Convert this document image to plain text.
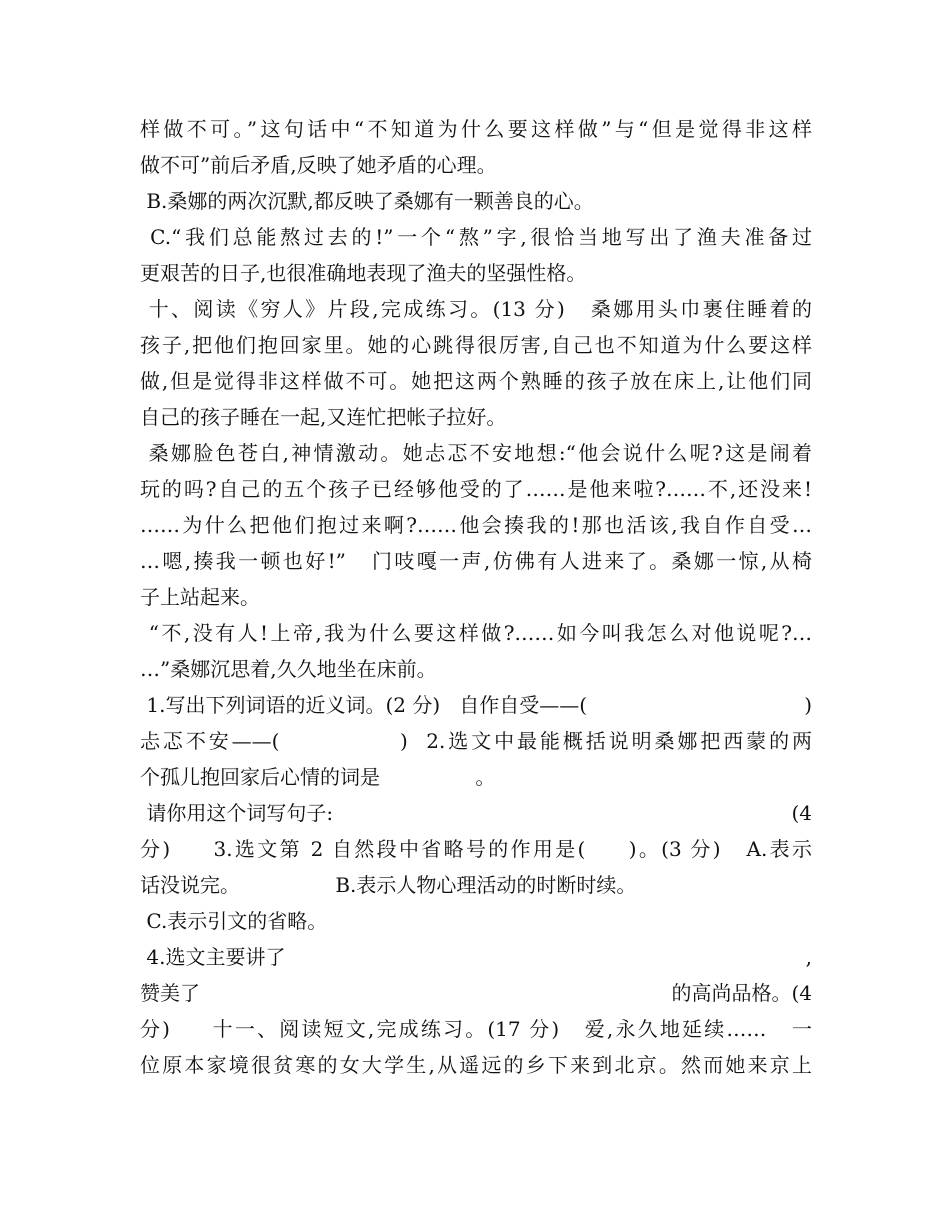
样做不可。”这句话中“不知道为什么要这样做”与“但是觉得非这样
做不可”前后矛盾,反映了她矛盾的心理。
B.桑娜的两次沉默,都反映了桑娜有一颗善良的心。
C.“我们总能熬过去的!”一个“熬”字,很恰当地写出了渔夫准备过
更艰苦的日子,也很准确地表现了渔夫的坚强性格。
十、阅读《穷人》片段,完成练习。(13 分)   桑娜用头巾裹住睡着的
孩子,把他们抱回家里。她的心跳得很厉害,自己也不知道为什么要这样
做,但是觉得非这样做不可。她把这两个熟睡的孩子放在床上,让他们同
自己的孩子睡在一起,又连忙把帐子拉好。
桑娜脸色苍白,神情激动。她忐忑不安地想:“他会说什么呢?这是闹着
玩的吗?自己的五个孩子已经够他受的了……是他来啦?……不,还没来!
……为什么把他们抱过来啊?……他会揍我的!那也活该,我自作自受…
…嗯,揍我一顿也好!”   门吱嘎一声,仿佛有人进来了。桑娜一惊,从椅
子上站起来。
“不,没有人!上帝,我为什么要这样做?……如今叫我怎么对他说呢?…
…”桑娜沉思着,久久地坐在床前。
1.写出下列词语的近义词。(2 分)   自作自受——(	)
忐忑不安——(             )  2.选文中最能概括说明桑娜把西蒙的两
个孤儿抱回家后心情的词是               。
请你用这个词写句子:	(4
分)     3.选文第 2 自然段中省略号的作用是(     )。(3 分)   A.表示
话没说完。               B.表示人物心理活动的时断时续。
C.表示引文的省略。
4.选文主要讲了	,
赞美了	的高尚品格。(4
分)     十一、阅读短文,完成练习。(17 分)   爱,永久地延续……   一
位原本家境很贫寒的女大学生,从遥远的乡下来到北京。然而她来京上
